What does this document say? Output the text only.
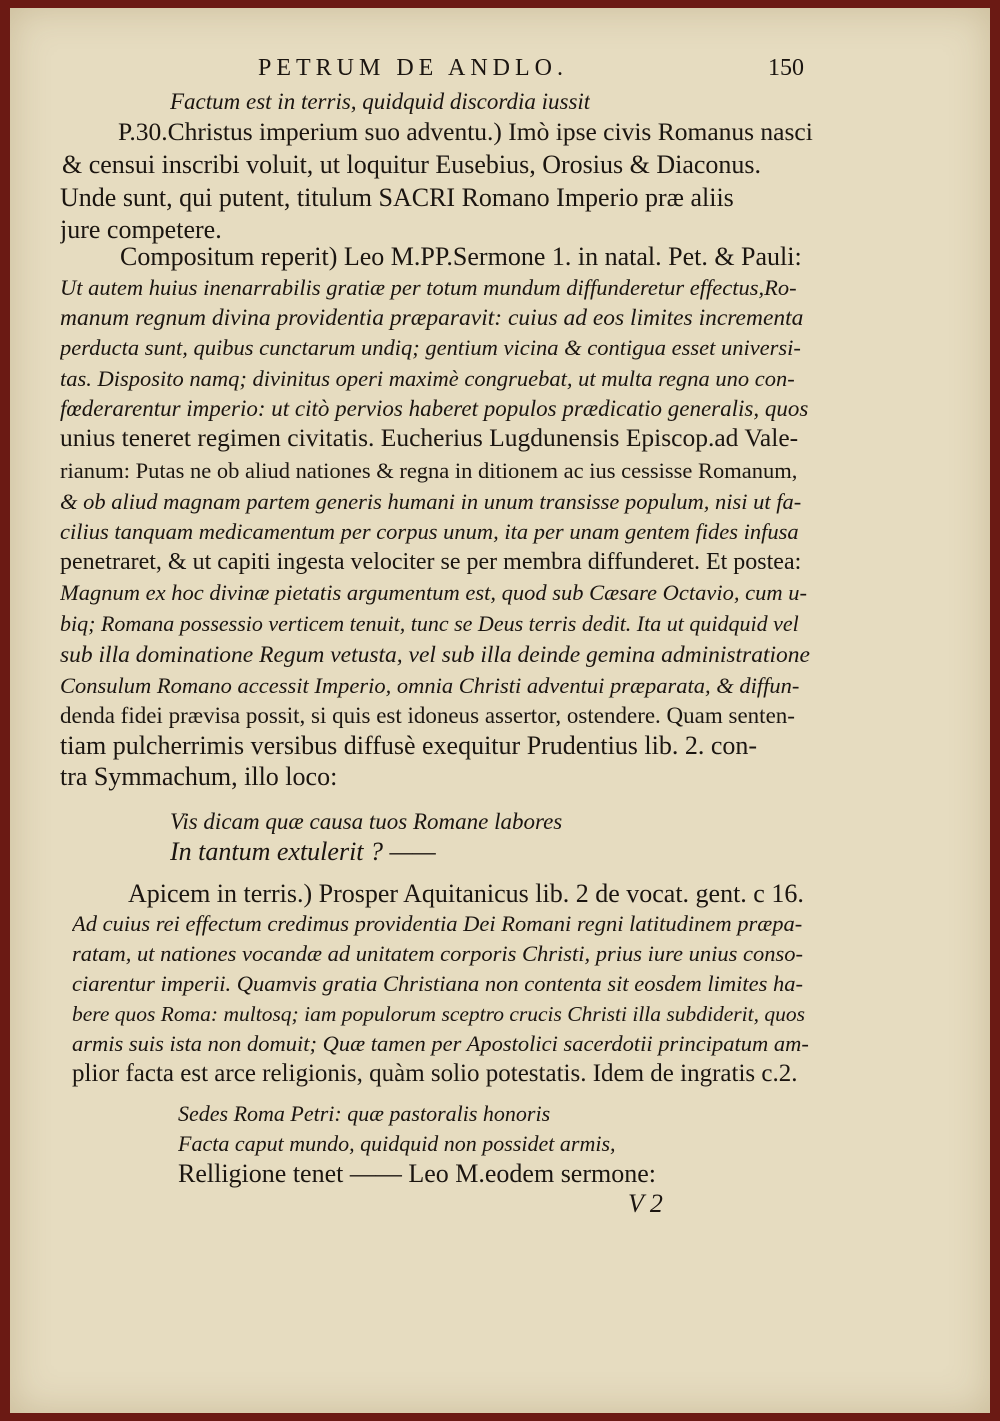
PETRUM DE ANDLO.	150
Factum est in terris, quidquid discordia iussit
P.30.Christus imperium suo adventu.) Imò ipse civis Romanus nasci
& censui inscribi voluit, ut loquitur Eusebius, Orosius & Diaconus.
Unde sunt, qui putent, titulum SACRI Romano Imperio præ aliis
jure competere.
Compositum reperit) Leo M.PP.Sermone 1. in natal. Pet. & Pauli:
Ut autem huius inenarrabilis gratiæ per totum mundum diffunderetur effectus,Ro-
manum regnum divina providentia præparavit: cuius ad eos limites incrementa
perducta sunt, quibus cunctarum undiq; gentium vicina & contigua esset universi-
tas. Disposito namq; divinitus operi maximè congruebat, ut multa regna uno con-
fœderarentur imperio: ut citò pervios haberet populos prædicatio generalis, quos
unius teneret regimen civitatis. Eucherius Lugdunensis Episcop.ad Vale-
rianum: Putas ne ob aliud nationes & regna in ditionem ac ius cessisse Romanum,
& ob aliud magnam partem generis humani in unum transisse populum, nisi ut fa-
cilius tanquam medicamentum per corpus unum, ita per unam gentem fides infusa
penetraret, & ut capiti ingesta velociter se per membra diffunderet. Et postea:
Magnum ex hoc divinæ pietatis argumentum est, quod sub Cæsare Octavio, cum u-
biq; Romana possessio verticem tenuit, tunc se Deus terris dedit. Ita ut quidquid vel
sub illa dominatione Regum vetusta, vel sub illa deinde gemina administratione
Consulum Romano accessit Imperio, omnia Christi adventui præparata, & diffun-
denda fidei prævisa possit, si quis est idoneus assertor, ostendere. Quam senten-
tiam pulcherrimis versibus diffusè exequitur Prudentius lib. 2. con-
tra Symmachum, illo loco:
Vis dicam quæ causa tuos Romane labores
In tantum extulerit ? ——
Apicem in terris.) Prosper Aquitanicus lib. 2 de vocat. gent. c 16.
Ad cuius rei effectum credimus providentia Dei Romani regni latitudinem præpa-
ratam, ut nationes vocandæ ad unitatem corporis Christi, prius iure unius conso-
ciarentur imperii. Quamvis gratia Christiana non contenta sit eosdem limites ha-
bere quos Roma: multosq; iam populorum sceptro crucis Christi illa subdiderit, quos
armis suis ista non domuit; Quæ tamen per Apostolici sacerdotii principatum am-
plior facta est arce religionis, quàm solio potestatis. Idem de ingratis c.2.
Sedes Roma Petri: quæ pastoralis honoris
Facta caput mundo, quidquid non possidet armis,
Relligione tenet —— Leo M.eodem sermone:
V 2
